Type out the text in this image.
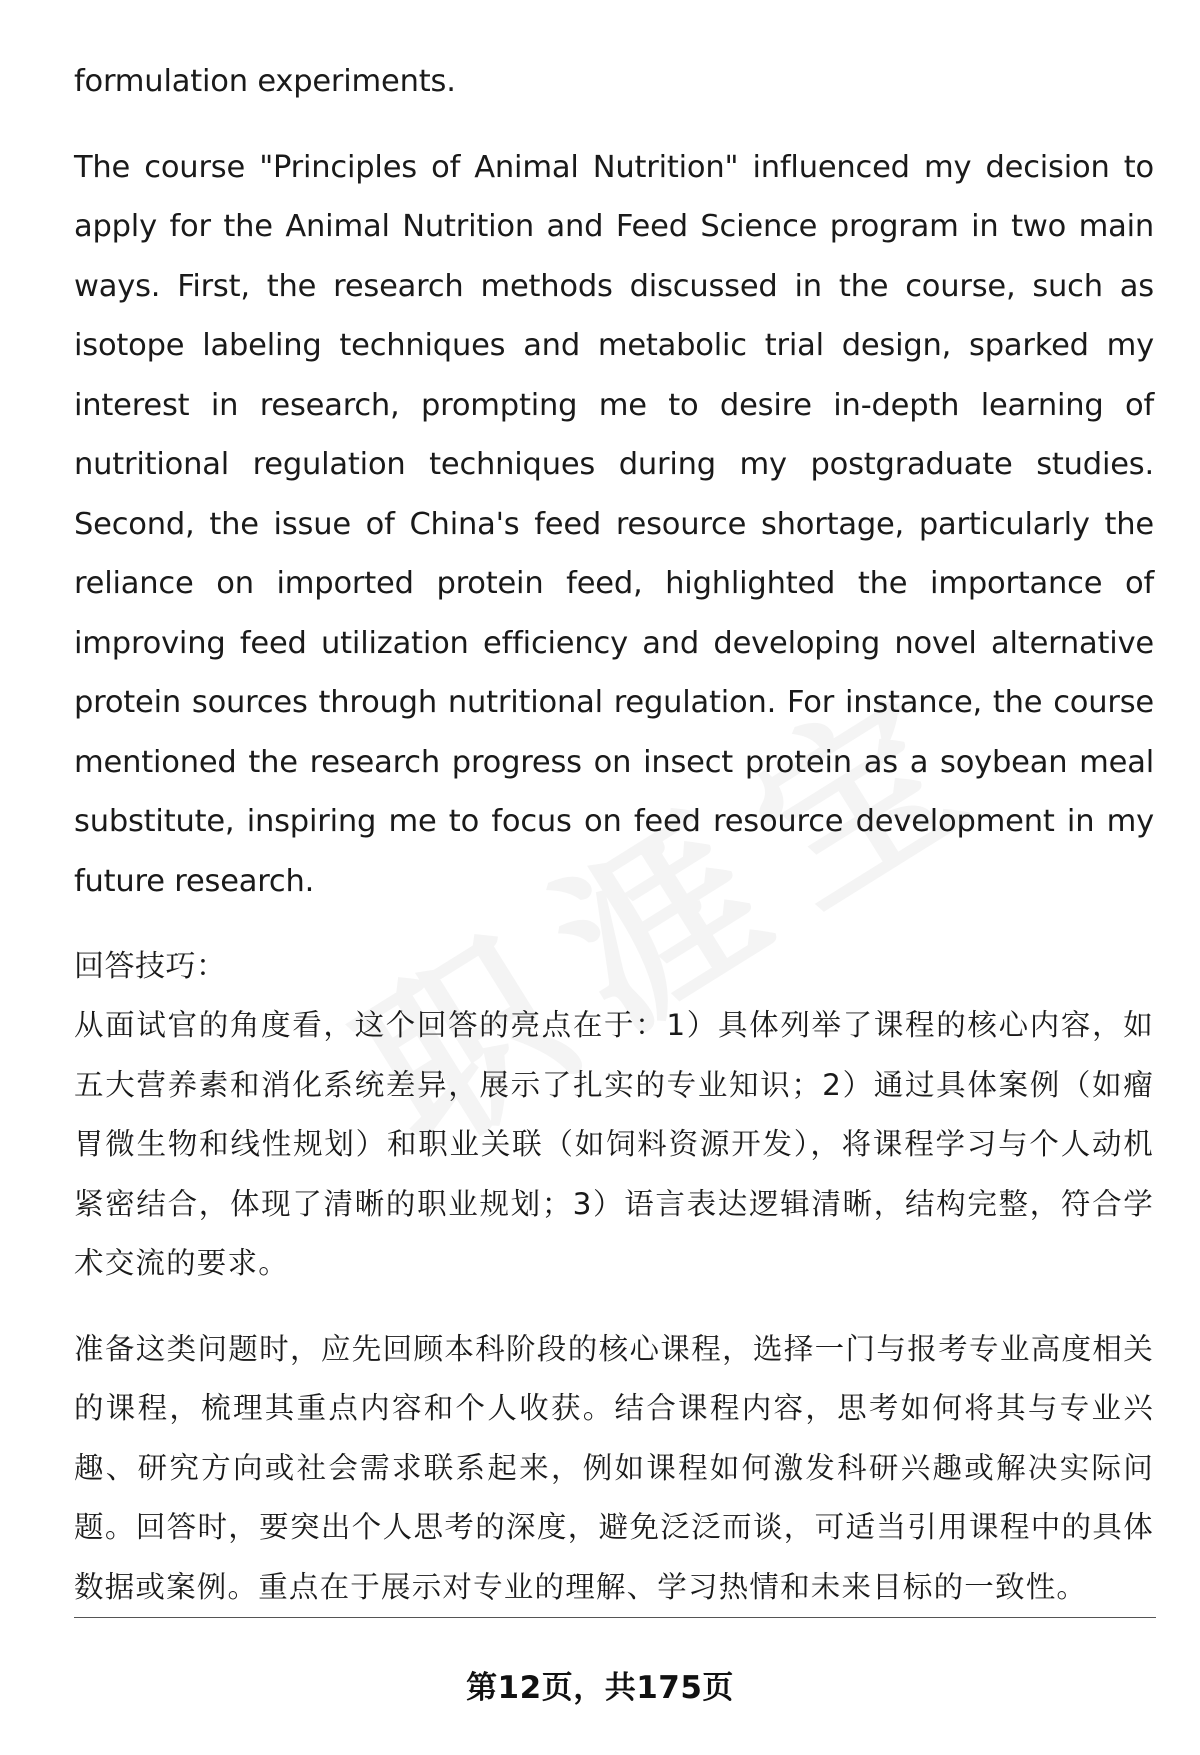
formulation experiments.

The course "Principles of Animal Nutrition" influenced my decision to apply for the Animal Nutrition and Feed Science program in two main ways. First, the research methods discussed in the course, such as isotope labeling techniques and metabolic trial design, sparked my interest in research, prompting me to desire in-depth learning of nutritional regulation techniques during my postgraduate studies. Second, the issue of China's feed resource shortage, particularly the reliance on imported protein feed, highlighted the importance of improving feed utilization efficiency and developing novel alternative protein sources through nutritional regulation. For instance, the course mentioned the research progress on insect protein as a soybean meal substitute, inspiring me to focus on feed resource development in my future research.

回答技巧：

从面试官的角度看，这个回答的亮点在于：1）具体列举了课程的核心内容，如五大营养素和消化系统差异，展示了扎实的专业知识；2）通过具体案例（如瘤胃微生物和线性规划）和职业关联（如饲料资源开发），将课程学习与个人动机紧密结合，体现了清晰的职业规划；3）语言表达逻辑清晰，结构完整，符合学术交流的要求。

准备这类问题时，应先回顾本科阶段的核心课程，选择一门与报考专业高度相关的课程，梳理其重点内容和个人收获。结合课程内容，思考如何将其与专业兴趣、研究方向或社会需求联系起来，例如课程如何激发科研兴趣或解决实际问题。回答时，要突出个人思考的深度，避免泛泛而谈，可适当引用课程中的具体数据或案例。重点在于展示对专业的理解、学习热情和未来目标的一致性。

第12页，共175页
